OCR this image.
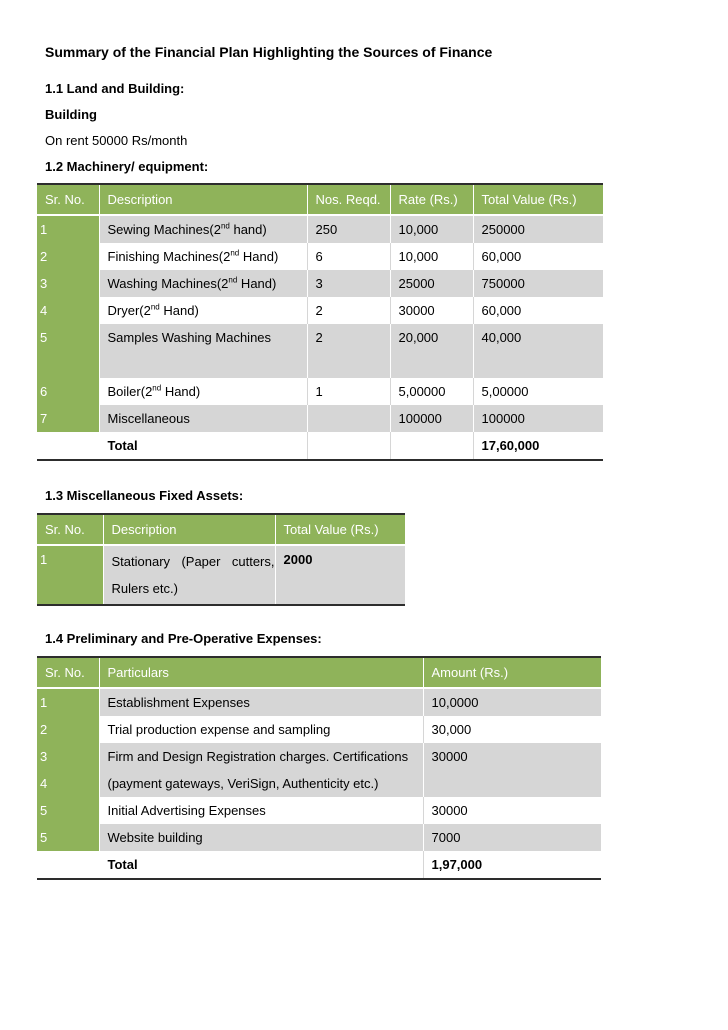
Summary of the Financial Plan Highlighting the Sources of Finance
1.1 Land and Building:
Building
On rent 50000 Rs/month
1.2 Machinery/ equipment:
Sr. No.	Description	Nos. Reqd.	Rate (Rs.)	Total Value (Rs.)
1	Sewing Machines(2nd hand)	250	10,000	250000
2	Finishing Machines(2nd Hand)	6	10,000	60,000
3	Washing Machines(2nd Hand)	3	25000	750000
4	Dryer(2nd Hand)	2	30000	60,000
5	Samples Washing Machines	2	20,000	40,000

6	Boiler(2nd Hand)	1	5,00000	5,00000
7	Miscellaneous		100000	100000
	Total			17,60,000
1.3 Miscellaneous Fixed Assets:
Sr. No.	Description	Total Value (Rs.)
1	Stationary (Paper cutters, Rulers etc.)	2000
1.4 Preliminary and Pre-Operative Expenses:
Sr. No.	Particulars	Amount (Rs.)
1	Establishment Expenses	10,0000
2	Trial production expense and sampling	30,000
3	Firm and Design Registration charges. Certifications	30000
4	(payment gateways, VeriSign, Authenticity etc.)	
5	Initial Advertising Expenses	30000
5	Website building	7000
	Total	1,97,000
